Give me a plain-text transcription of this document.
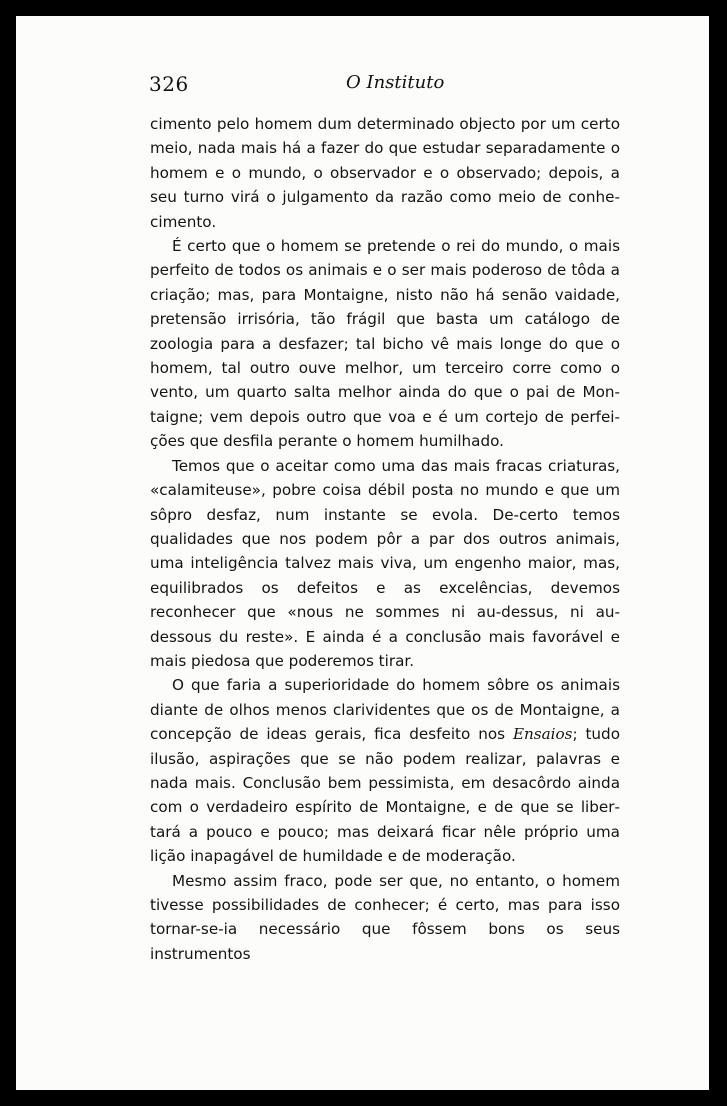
326	O Instituto

cimento pelo homem dum determinado objecto por um certo meio, nada mais há a fazer do que estudar separadamente o homem e o mundo, o observador e o observado; depois, a seu turno virá o julgamento da razão como meio de conhecimento.

É certo que o homem se pretende o rei do mundo, o mais perfeito de todos os animais e o ser mais poderoso de tôda a criação; mas, para Montaigne, nisto não há senão vaidade, pretensão irrisória, tão frágil que basta um catálogo de zoologia para a desfazer; tal bicho vê mais longe do que o homem, tal outro ouve melhor, um terceiro corre como o vento, um quarto salta melhor ainda do que o pai de Montaigne; vem depois outro que voa e é um cortejo de perfeições que desfila perante o homem humilhado.

Temos que o aceitar como uma das mais fracas criaturas, «calamiteuse», pobre coisa débil posta no mundo e que um sôpro desfaz, num instante se evola. De-certo temos qualidades que nos podem pôr a par dos outros animais, uma inteligência talvez mais viva, um engenho maior, mas, equilibrados os defeitos e as excelências, devemos reconhecer que «nous ne sommes ni au-dessus, ni au-dessous du reste». E ainda é a conclusão mais favorável e mais piedosa que poderemos tirar.

O que faria a superioridade do homem sôbre os animais diante de olhos menos clarividentes que os de Montaigne, a concepção de ideas gerais, fica desfeito nos Ensaios; tudo ilusão, aspirações que se não podem realizar, palavras e nada mais. Conclusão bem pessimista, em desacôrdo ainda com o verdadeiro espírito de Montaigne, e de que se libertará a pouco e pouco; mas deixará ficar nêle próprio uma lição inapagável de humildade e de moderação.

Mesmo assim fraco, pode ser que, no entanto, o homem tivesse possibilidades de conhecer; é certo, mas para isso tornar-se-ia necessário que fôssem bons os seus instrumentos
